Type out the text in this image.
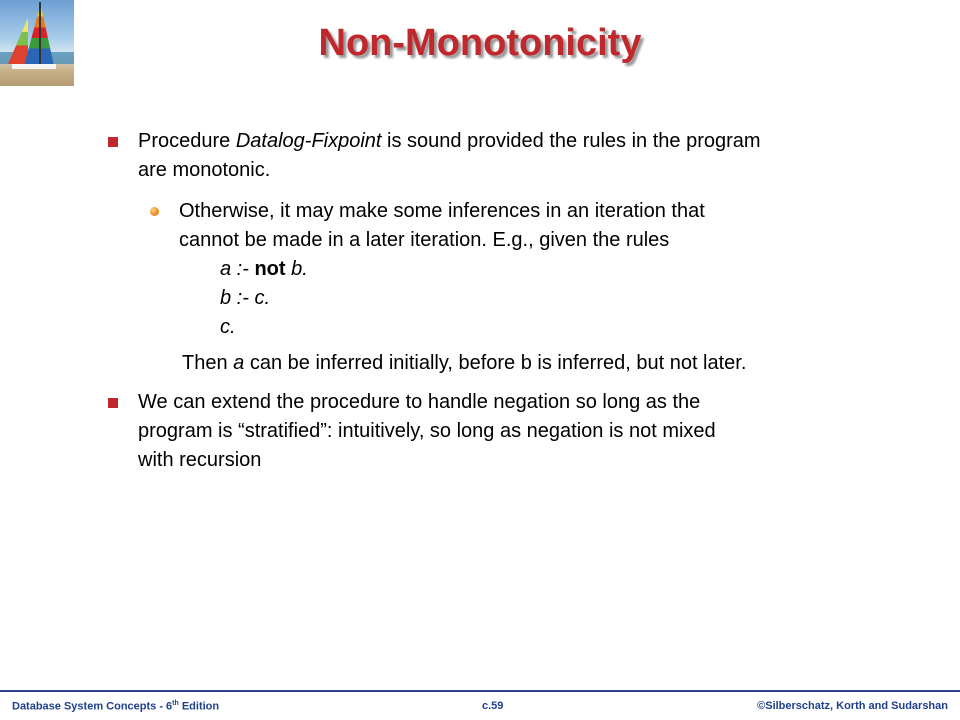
Non-Monotonicity
Procedure Datalog-Fixpoint is sound provided the rules in the program
are monotonic.
Otherwise, it may make some inferences in an iteration that
cannot be made in a later iteration. E.g., given the rules
a :- not b.
b :- c.
c.
Then a can be inferred initially, before b is inferred, but not later.
We can extend the procedure to handle negation so long as the
program is “stratified”: intuitively, so long as negation is not mixed
with recursion
Database System Concepts - 6th Edition	c.59	©Silberschatz, Korth and Sudarshan
